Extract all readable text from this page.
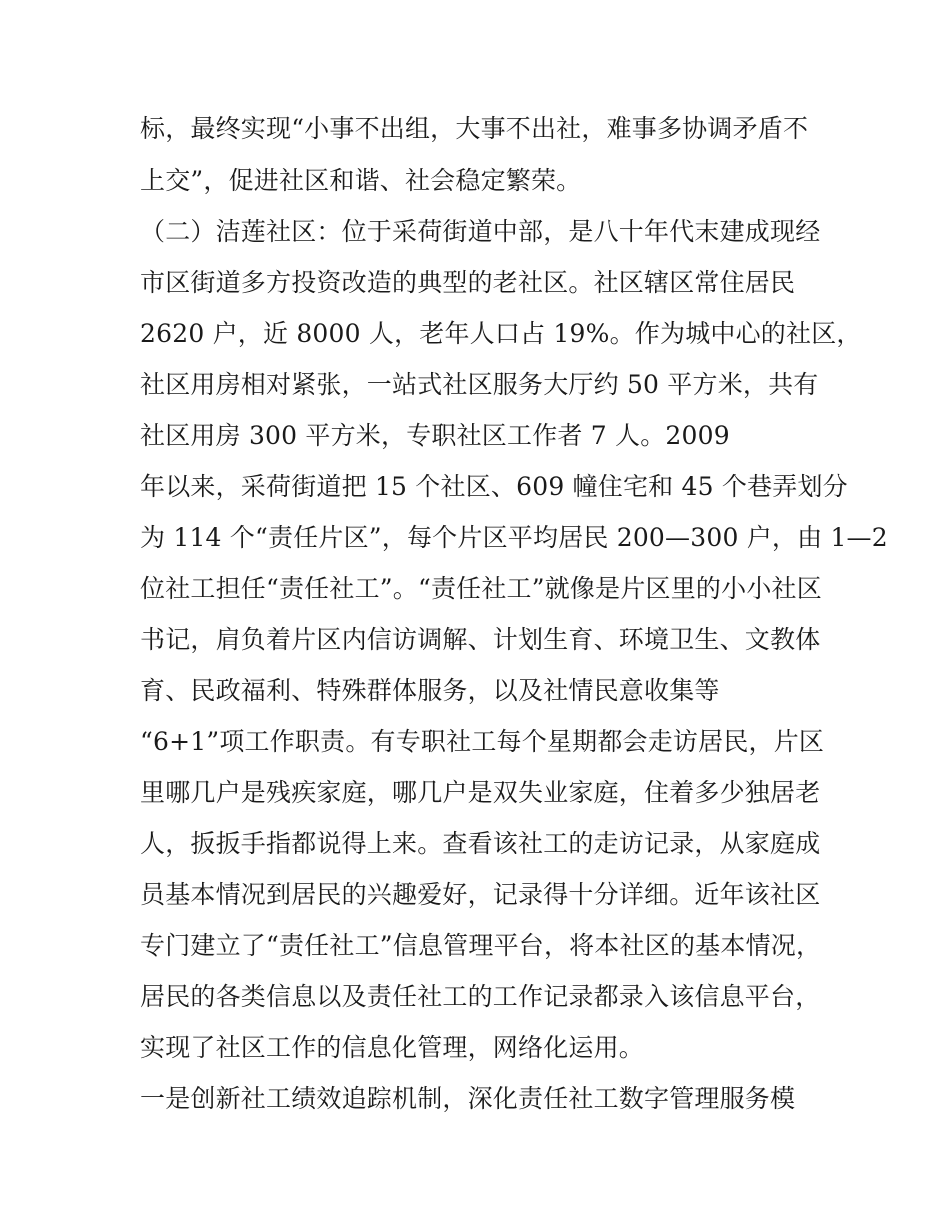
标，最终实现“小事不出组，大事不出社，难事多协调矛盾不
上交”，促进社区和谐、社会稳定繁荣。
（二）洁莲社区：位于采荷街道中部，是八十年代末建成现经
市区街道多方投资改造的典型的老社区。社区辖区常住居民
2620 户，近 8000 人，老年人口占 19%。作为城中心的社区，
社区用房相对紧张，一站式社区服务大厅约 50 平方米，共有
社区用房 300 平方米，专职社区工作者 7 人。2009
年以来，采荷街道把 15 个社区、609 幢住宅和 45 个巷弄划分
为 114 个“责任片区”，每个片区平均居民 200—300 户，由 1—2
位社工担任“责任社工”。“责任社工”就像是片区里的小小社区
书记，肩负着片区内信访调解、计划生育、环境卫生、文教体
育、民政福利、特殊群体服务，以及社情民意收集等
“6+1”项工作职责。有专职社工每个星期都会走访居民，片区
里哪几户是残疾家庭，哪几户是双失业家庭，住着多少独居老
人，扳扳手指都说得上来。查看该社工的走访记录，从家庭成
员基本情况到居民的兴趣爱好，记录得十分详细。近年该社区
专门建立了“责任社工”信息管理平台，将本社区的基本情况，
居民的各类信息以及责任社工的工作记录都录入该信息平台，
实现了社区工作的信息化管理，网络化运用。
一是创新社工绩效追踪机制，深化责任社工数字管理服务模
